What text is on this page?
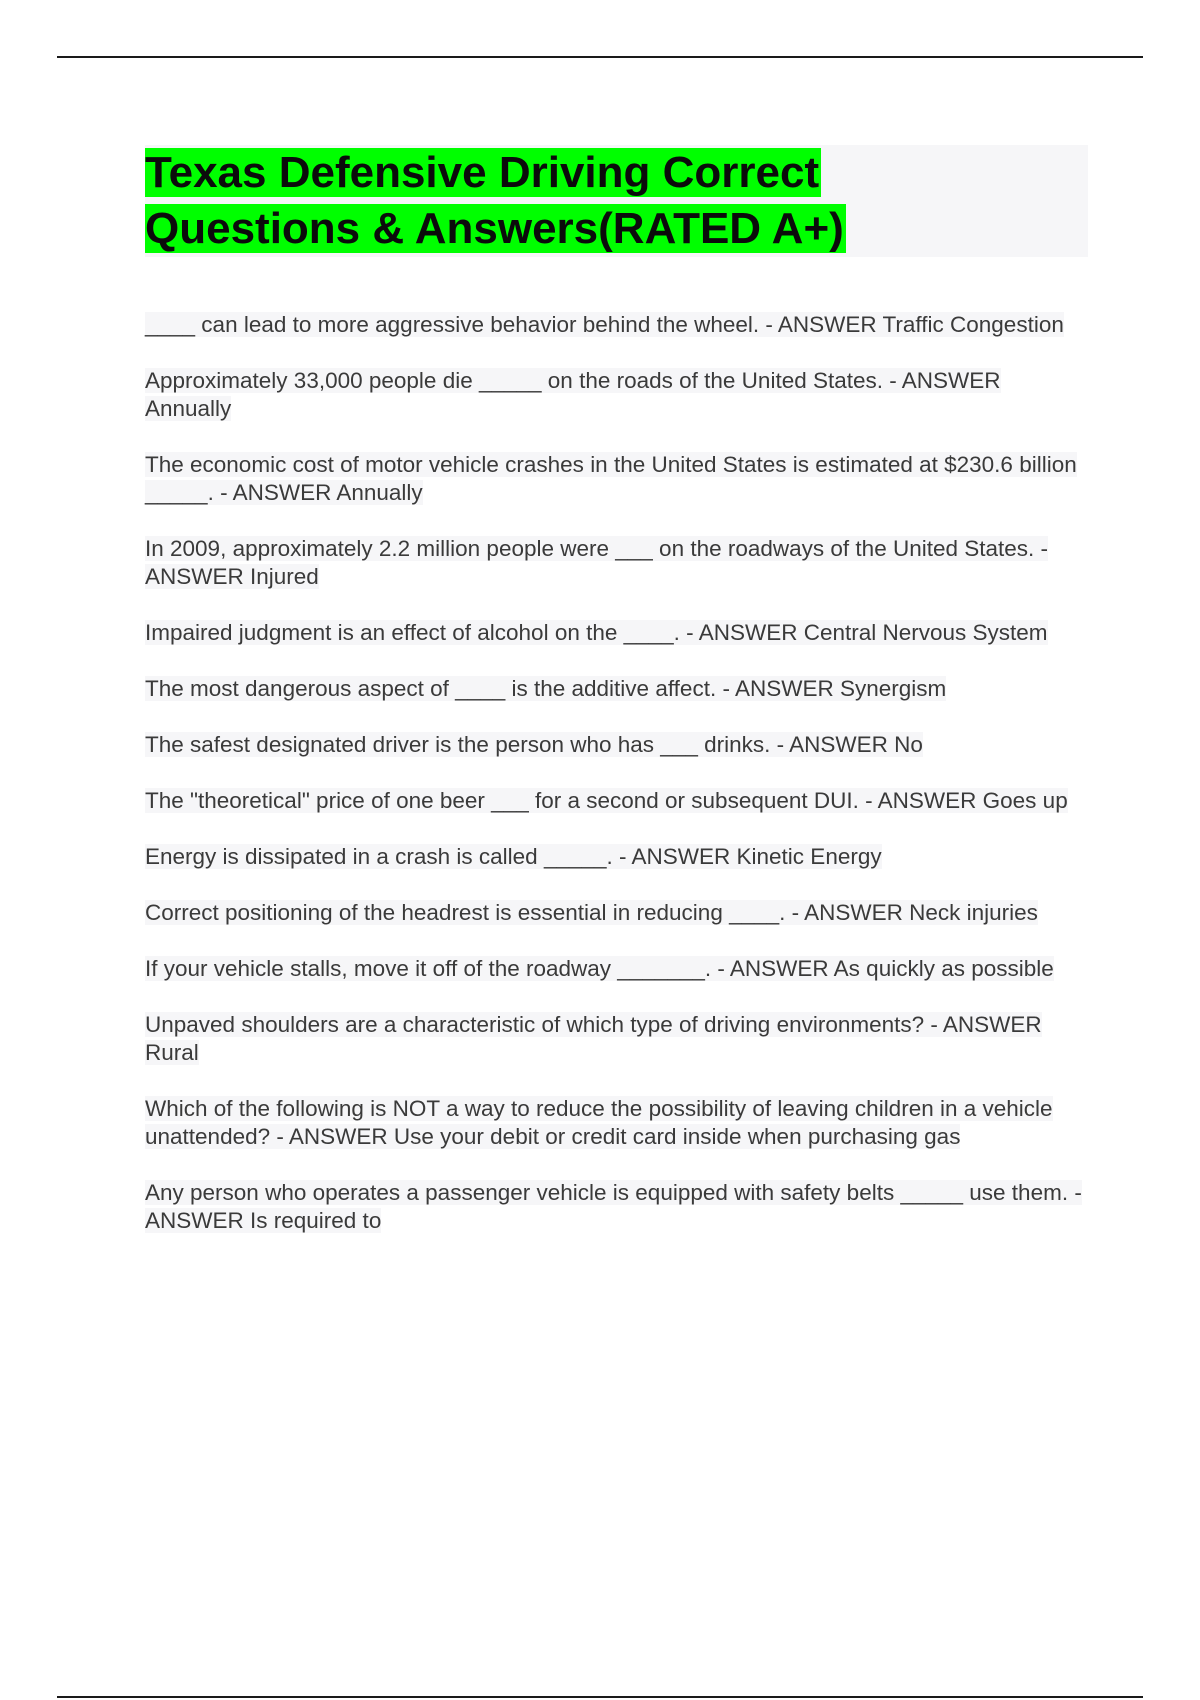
Texas Defensive Driving Correct
Questions & Answers(RATED A+)
____ can lead to more aggressive behavior behind the wheel. - ANSWER Traffic Congestion
Approximately 33,000 people die _____ on the roads of the United States. - ANSWER Annually
The economic cost of motor vehicle crashes in the United States is estimated at $230.6 billion _____. - ANSWER Annually
In 2009, approximately 2.2 million people were ___ on the roadways of the United States. - ANSWER Injured
Impaired judgment is an effect of alcohol on the ____. - ANSWER Central Nervous System
The most dangerous aspect of ____ is the additive affect. - ANSWER Synergism
The safest designated driver is the person who has ___ drinks. - ANSWER No
The "theoretical" price of one beer ___ for a second or subsequent DUI. - ANSWER Goes up
Energy is dissipated in a crash is called _____. - ANSWER Kinetic Energy
Correct positioning of the headrest is essential in reducing ____. - ANSWER Neck injuries
If your vehicle stalls, move it off of the roadway _______. - ANSWER As quickly as possible
Unpaved shoulders are a characteristic of which type of driving environments? - ANSWER Rural
Which of the following is NOT a way to reduce the possibility of leaving children in a vehicle unattended? - ANSWER Use your debit or credit card inside when purchasing gas
Any person who operates a passenger vehicle is equipped with safety belts _____ use them. - ANSWER Is required to
